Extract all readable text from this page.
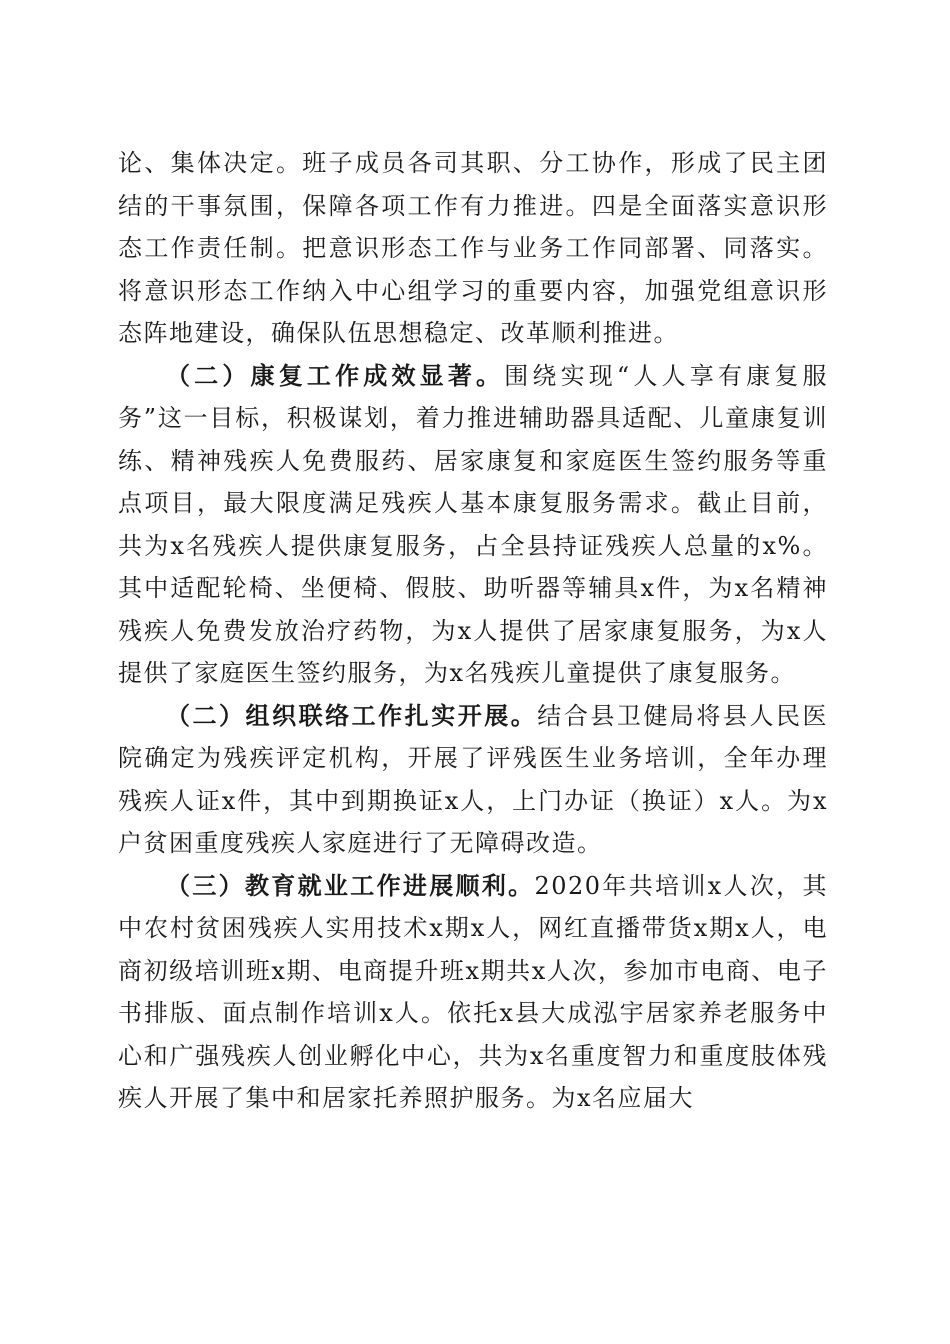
论、集体决定。班子成员各司其职、分工协作，形成了民主团结的干事氛围，保障各项工作有力推进。四是全面落实意识形态工作责任制。把意识形态工作与业务工作同部署、同落实。将意识形态工作纳入中心组学习的重要内容，加强党组意识形态阵地建设，确保队伍思想稳定、改革顺利推进。

（二）康复工作成效显著。围绕实现“人人享有康复服务”这一目标，积极谋划，着力推进辅助器具适配、儿童康复训练、精神残疾人免费服药、居家康复和家庭医生签约服务等重点项目，最大限度满足残疾人基本康复服务需求。截止目前，共为x名残疾人提供康复服务，占全县持证残疾人总量的x%。其中适配轮椅、坐便椅、假肢、助听器等辅具x件，为x名精神残疾人免费发放治疗药物，为x人提供了居家康复服务，为x人提供了家庭医生签约服务，为x名残疾儿童提供了康复服务。

（二）组织联络工作扎实开展。结合县卫健局将县人民医院确定为残疾评定机构，开展了评残医生业务培训，全年办理残疾人证x件，其中到期换证x人，上门办证（换证）x人。为x户贫困重度残疾人家庭进行了无障碍改造。

（三）教育就业工作进展顺利。2020年共培训x人次，其中农村贫困残疾人实用技术x期x人，网红直播带货x期x人，电商初级培训班x期、电商提升班x期共x人次，参加市电商、电子书排版、面点制作培训x人。依托x县大成泓宇居家养老服务中心和广强残疾人创业孵化中心，共为x名重度智力和重度肢体残疾人开展了集中和居家托养照护服务。为x名应届大
